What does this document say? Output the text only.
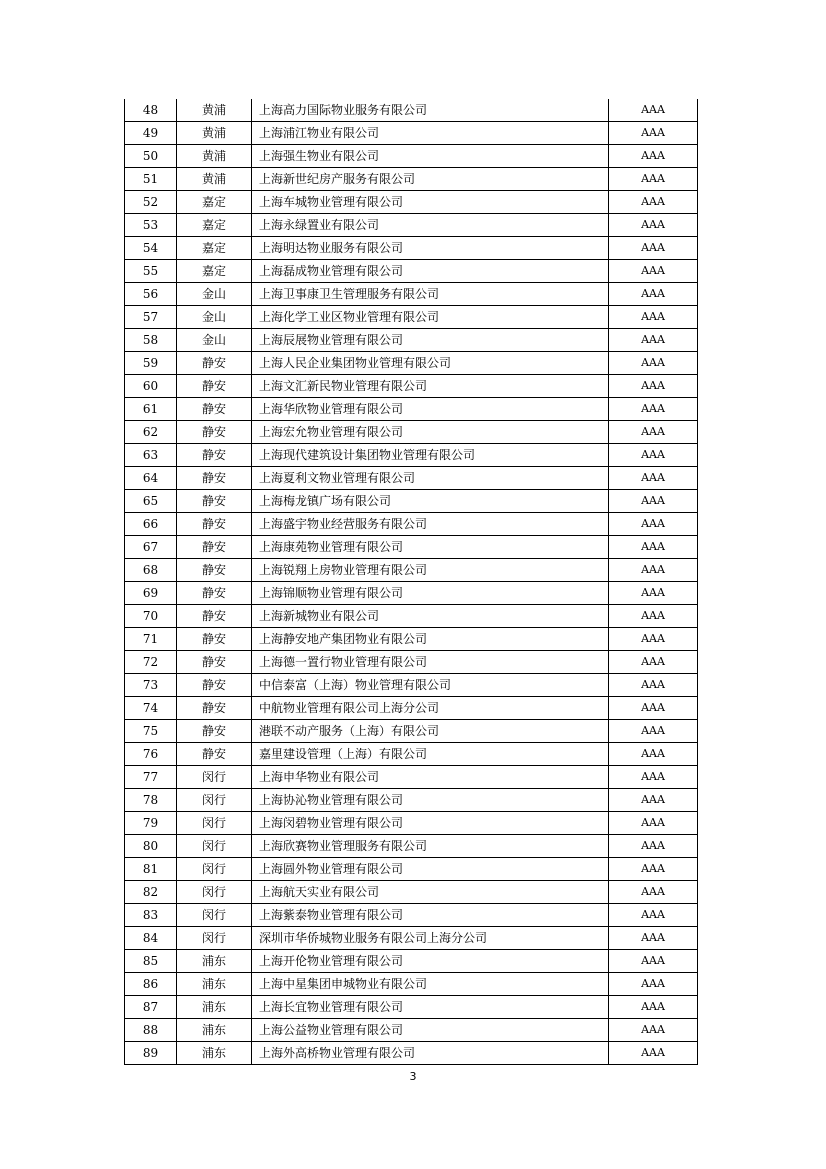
48	黄浦	上海高力国际物业服务有限公司	AAA
49	黄浦	上海浦江物业有限公司	AAA
50	黄浦	上海强生物业有限公司	AAA
51	黄浦	上海新世纪房产服务有限公司	AAA
52	嘉定	上海车城物业管理有限公司	AAA
53	嘉定	上海永绿置业有限公司	AAA
54	嘉定	上海明达物业服务有限公司	AAA
55	嘉定	上海磊成物业管理有限公司	AAA
56	金山	上海卫事康卫生管理服务有限公司	AAA
57	金山	上海化学工业区物业管理有限公司	AAA
58	金山	上海辰展物业管理有限公司	AAA
59	静安	上海人民企业集团物业管理有限公司	AAA
60	静安	上海文汇新民物业管理有限公司	AAA
61	静安	上海华欣物业管理有限公司	AAA
62	静安	上海宏允物业管理有限公司	AAA
63	静安	上海现代建筑设计集团物业管理有限公司	AAA
64	静安	上海夏利文物业管理有限公司	AAA
65	静安	上海梅龙镇广场有限公司	AAA
66	静安	上海盛宇物业经营服务有限公司	AAA
67	静安	上海康苑物业管理有限公司	AAA
68	静安	上海锐翔上房物业管理有限公司	AAA
69	静安	上海锦顺物业管理有限公司	AAA
70	静安	上海新城物业有限公司	AAA
71	静安	上海静安地产集团物业有限公司	AAA
72	静安	上海德一置行物业管理有限公司	AAA
73	静安	中信泰富（上海）物业管理有限公司	AAA
74	静安	中航物业管理有限公司上海分公司	AAA
75	静安	港联不动产服务（上海）有限公司	AAA
76	静安	嘉里建设管理（上海）有限公司	AAA
77	闵行	上海申华物业有限公司	AAA
78	闵行	上海协沁物业管理有限公司	AAA
79	闵行	上海闵碧物业管理有限公司	AAA
80	闵行	上海欣赛物业管理服务有限公司	AAA
81	闵行	上海圆外物业管理有限公司	AAA
82	闵行	上海航天实业有限公司	AAA
83	闵行	上海紫泰物业管理有限公司	AAA
84	闵行	深圳市华侨城物业服务有限公司上海分公司	AAA
85	浦东	上海开伦物业管理有限公司	AAA
86	浦东	上海中星集团申城物业有限公司	AAA
87	浦东	上海长宜物业管理有限公司	AAA
88	浦东	上海公益物业管理有限公司	AAA
89	浦东	上海外高桥物业管理有限公司	AAA
3
